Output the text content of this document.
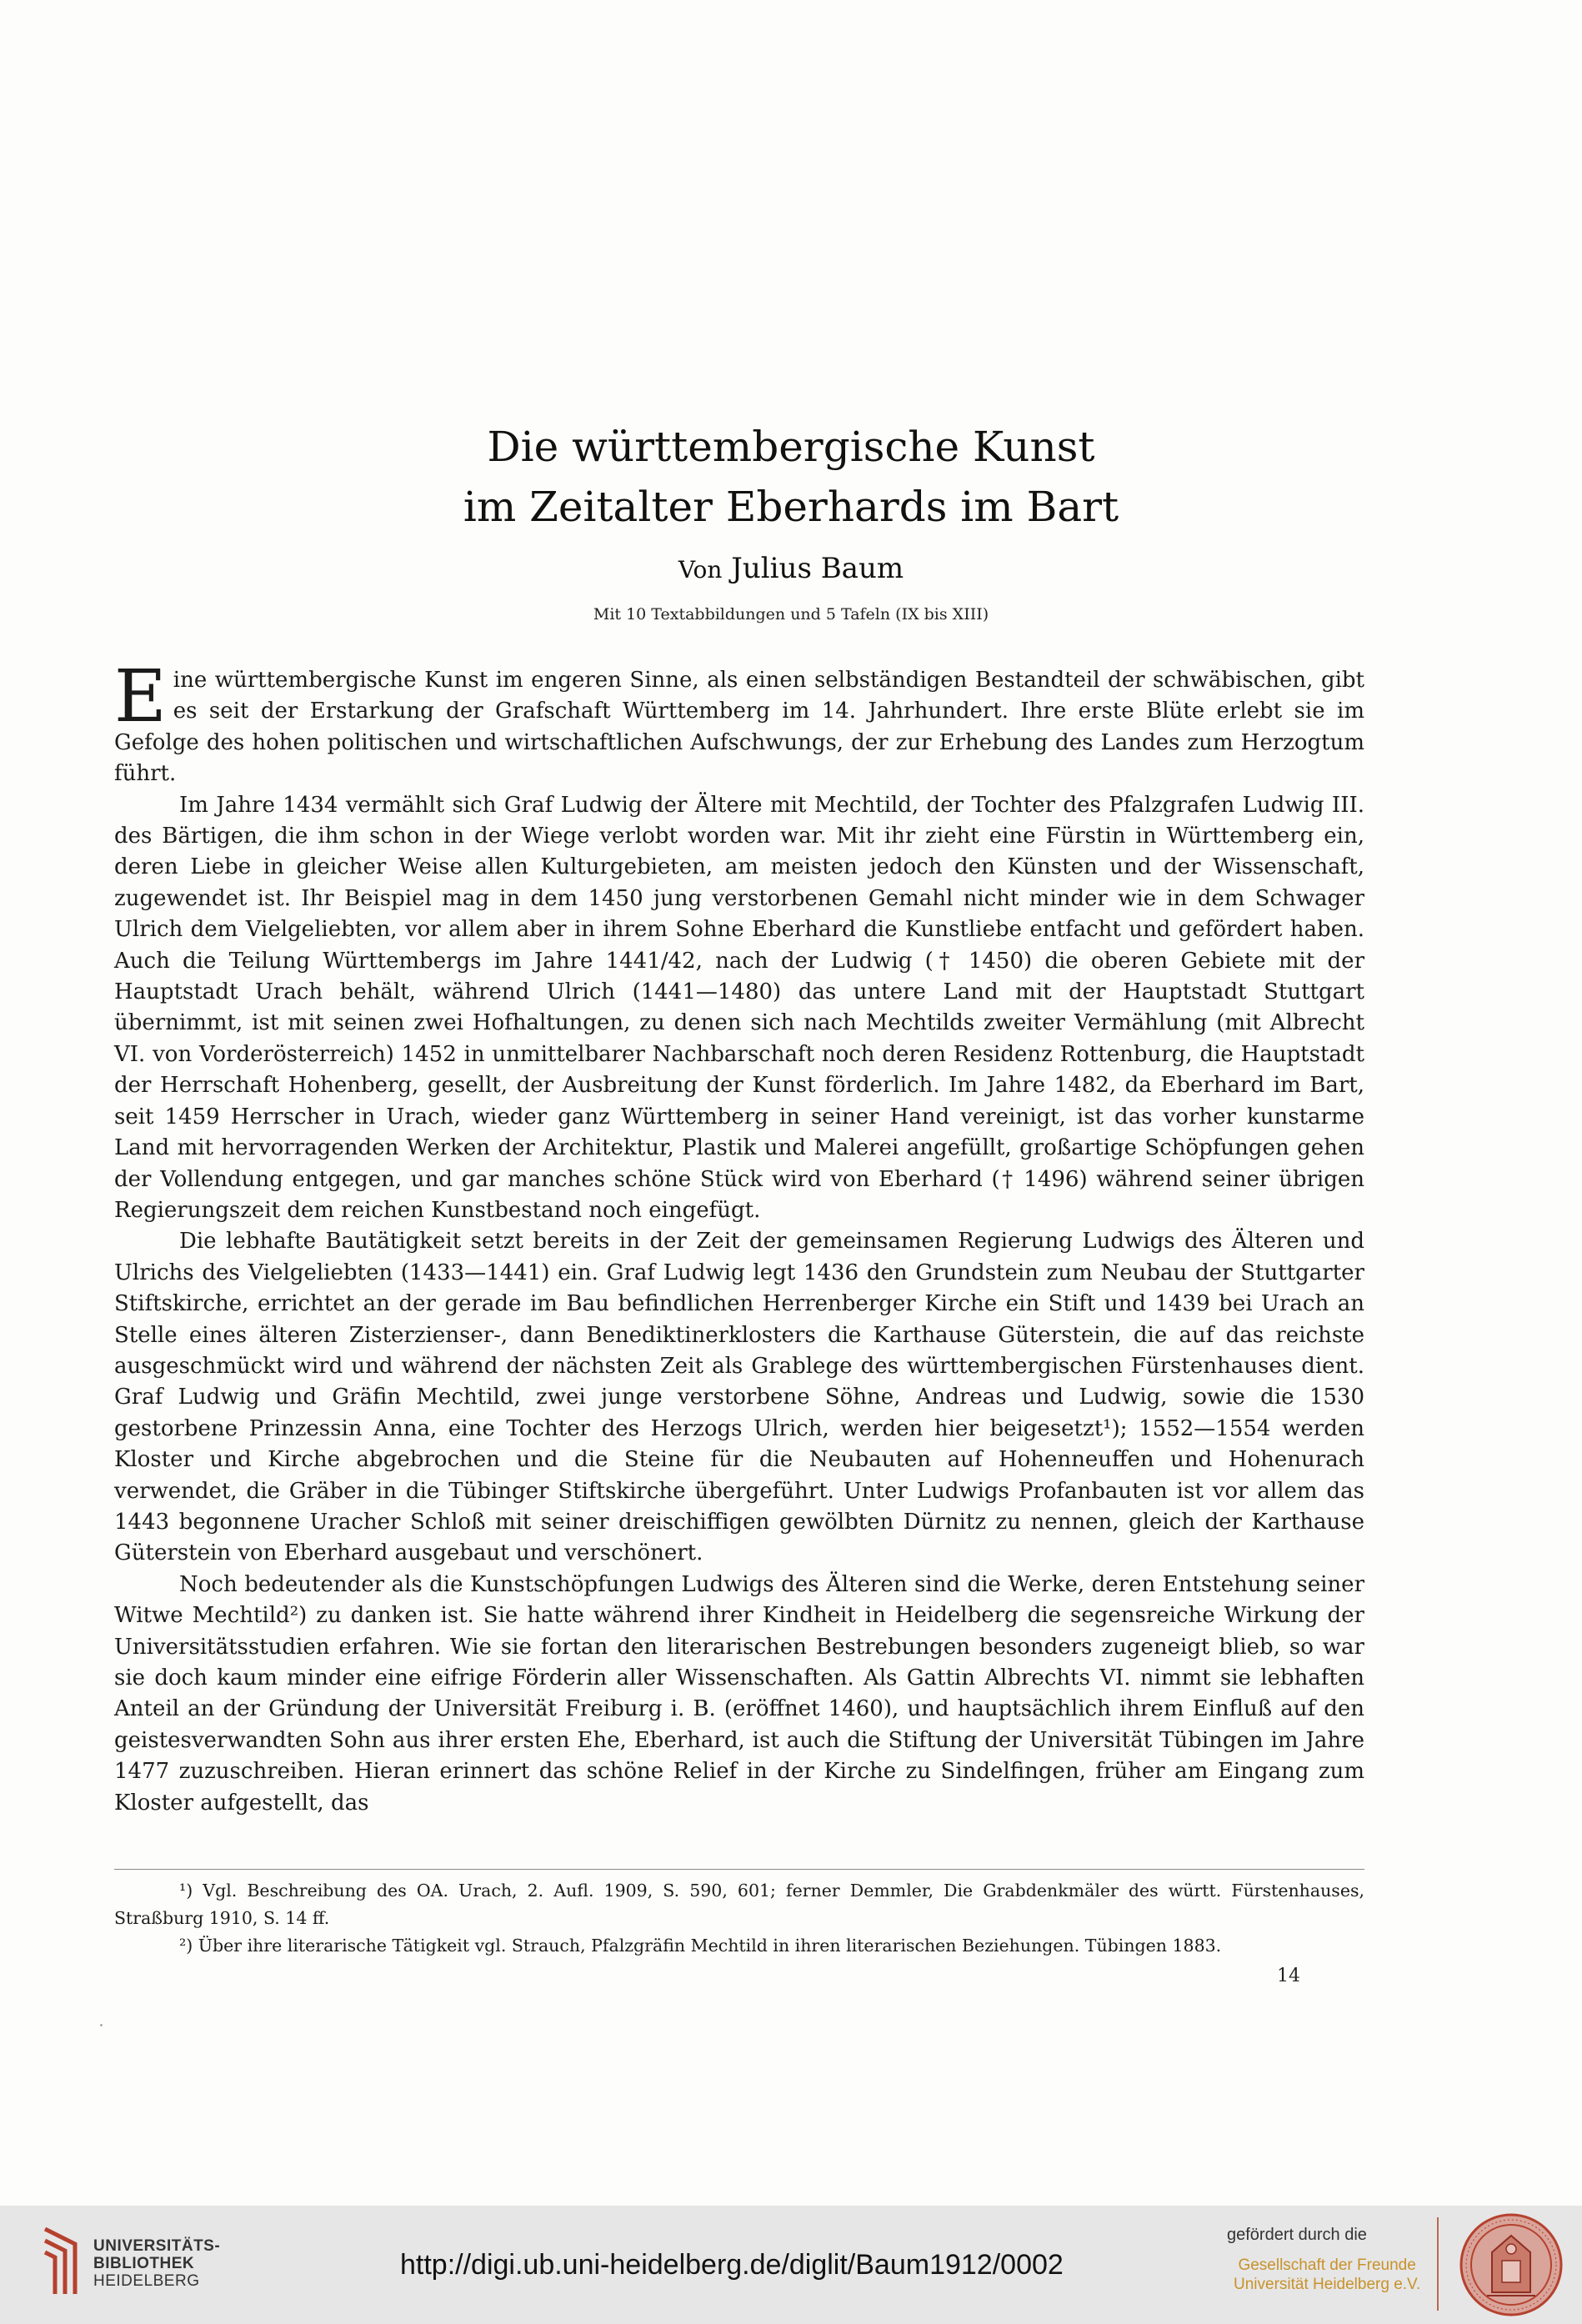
Die württembergische Kunst
im Zeitalter Eberhards im Bart
Von Julius Baum
Mit 10 Textabbildungen und 5 Tafeln (IX bis XIII)

Eine württembergische Kunst im engeren Sinne, als einen selbständigen Bestandteil der schwäbischen, gibt es seit der Erstarkung der Grafschaft Württemberg im 14. Jahrhundert. Ihre erste Blüte erlebt sie im Gefolge des hohen politischen und wirtschaftlichen Aufschwungs, der zur Erhebung des Landes zum Herzogtum führt.

Im Jahre 1434 vermählt sich Graf Ludwig der Ältere mit Mechtild, der Tochter des Pfalzgrafen Ludwig III. des Bärtigen, die ihm schon in der Wiege verlobt worden war. Mit ihr zieht eine Fürstin in Württemberg ein, deren Liebe in gleicher Weise allen Kulturgebieten, am meisten jedoch den Künsten und der Wissenschaft, zugewendet ist. Ihr Beispiel mag in dem 1450 jung verstorbenen Gemahl nicht minder wie in dem Schwager Ulrich dem Vielgeliebten, vor allem aber in ihrem Sohne Eberhard die Kunstliebe entfacht und gefördert haben. Auch die Teilung Württembergs im Jahre 1441/42, nach der Ludwig († 1450) die oberen Gebiete mit der Hauptstadt Urach behält, während Ulrich (1441—1480) das untere Land mit der Hauptstadt Stuttgart übernimmt, ist mit seinen zwei Hofhaltungen, zu denen sich nach Mechtilds zweiter Vermählung (mit Albrecht VI. von Vorderösterreich) 1452 in unmittelbarer Nachbarschaft noch deren Residenz Rottenburg, die Hauptstadt der Herrschaft Hohenberg, gesellt, der Ausbreitung der Kunst förderlich. Im Jahre 1482, da Eberhard im Bart, seit 1459 Herrscher in Urach, wieder ganz Württemberg in seiner Hand vereinigt, ist das vorher kunstarme Land mit hervorragenden Werken der Architektur, Plastik und Malerei angefüllt, großartige Schöpfungen gehen der Vollendung entgegen, und gar manches schöne Stück wird von Eberhard († 1496) während seiner übrigen Regierungszeit dem reichen Kunstbestand noch eingefügt.

Die lebhafte Bautätigkeit setzt bereits in der Zeit der gemeinsamen Regierung Ludwigs des Älteren und Ulrichs des Vielgeliebten (1433—1441) ein. Graf Ludwig legt 1436 den Grundstein zum Neubau der Stuttgarter Stiftskirche, errichtet an der gerade im Bau befindlichen Herrenberger Kirche ein Stift und 1439 bei Urach an Stelle eines älteren Zisterzienser-, dann Benediktinerklosters die Karthause Güterstein, die auf das reichste ausgeschmückt wird und während der nächsten Zeit als Grablege des württembergischen Fürstenhauses dient. Graf Ludwig und Gräfin Mechtild, zwei junge verstorbene Söhne, Andreas und Ludwig, sowie die 1530 gestorbene Prinzessin Anna, eine Tochter des Herzogs Ulrich, werden hier beigesetzt¹); 1552—1554 werden Kloster und Kirche abgebrochen und die Steine für die Neubauten auf Hohenneuffen und Hohenurach verwendet, die Gräber in die Tübinger Stiftskirche übergeführt. Unter Ludwigs Profanbauten ist vor allem das 1443 begonnene Uracher Schloß mit seiner dreischiffigen gewölbten Dürnitz zu nennen, gleich der Karthause Güterstein von Eberhard ausgebaut und verschönert.

Noch bedeutender als die Kunstschöpfungen Ludwigs des Älteren sind die Werke, deren Entstehung seiner Witwe Mechtild²) zu danken ist. Sie hatte während ihrer Kindheit in Heidelberg die segensreiche Wirkung der Universitätsstudien erfahren. Wie sie fortan den literarischen Bestrebungen besonders zugeneigt blieb, so war sie doch kaum minder eine eifrige Förderin aller Wissenschaften. Als Gattin Albrechts VI. nimmt sie lebhaften Anteil an der Gründung der Universität Freiburg i. B. (eröffnet 1460), und hauptsächlich ihrem Einfluß auf den geistesverwandten Sohn aus ihrer ersten Ehe, Eberhard, ist auch die Stiftung der Universität Tübingen im Jahre 1477 zuzuschreiben. Hieran erinnert das schöne Relief in der Kirche zu Sindelfingen, früher am Eingang zum Kloster aufgestellt, das

¹) Vgl. Beschreibung des OA. Urach, 2. Aufl. 1909, S. 590, 601; ferner Demmler, Die Grabdenkmäler des württ. Fürstenhauses, Straßburg 1910, S. 14 ff.

²) Über ihre literarische Tätigkeit vgl. Strauch, Pfalzgräfin Mechtild in ihren literarischen Beziehungen. Tübingen 1883.

14
UNIVERSITÄTS-
BIBLIOTHEK
HEIDELBERG
http://digi.ub.uni-heidelberg.de/diglit/Baum1912/0002
gefördert durch die
Gesellschaft der Freunde
Universität Heidelberg e.V.
